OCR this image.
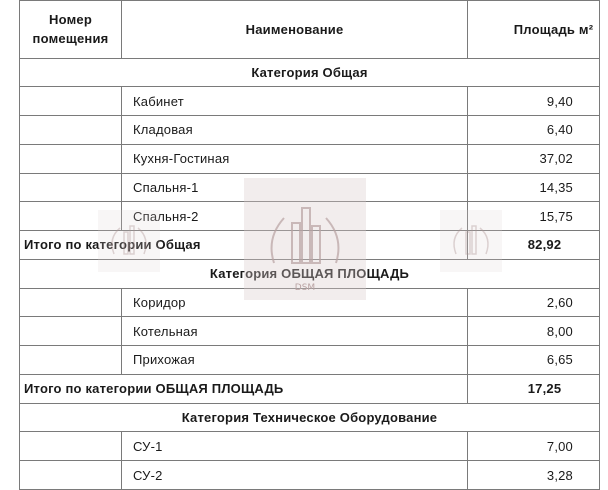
Номер помещения	Наименование	Площадь м²
Категория Общая		
	Кабинет	9,40
	Кладовая	6,40
	Кухня-Гостиная	37,02
	Спальня-1	14,35
	Спальня-2	15,75
Итого по категории Общая		82,92
Категория ОБЩАЯ ПЛОЩАДЬ		
	Коридор	2,60
	Котельная	8,00
	Прихожая	6,65
Итого по категории ОБЩАЯ ПЛОЩАДЬ		17,25
Категория Техническое Оборудование		
	СУ-1	7,00
	СУ-2	3,28
DSM
